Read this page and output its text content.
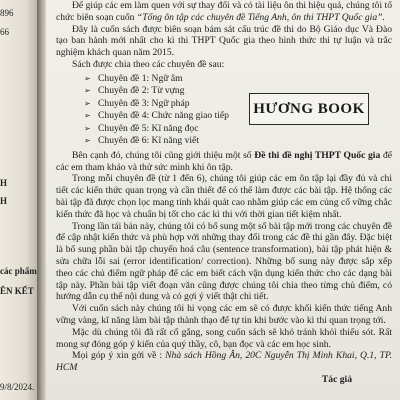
896
66
H
H
các phẩm
ÊN KẾT
9/8/2024.

Để giúp các em làm quen với sự thay đổi và có tài liệu ôn thi hiệu quả, chúng tôi tổ chức biên soạn cuốn “Tổng ôn tập các chuyên đề Tiếng Anh, ôn thi THPT Quốc gia”.

Đây là cuốn sách được biên soạn bám sát cấu trúc đề thi do Bộ Giáo dục Và Đào tạo ban hành mới nhất cho kì thi THPT Quốc gia theo hình thức thi tự luận và trắc nghiệm khách quan năm 2015.

Sách được chia theo các chuyên đề sau:

➢ Chuyên đề 1: Ngữ âm
➢ Chuyên đề 2: Từ vựng
➢ Chuyên đề 3: Ngữ pháp
➢ Chuyên đề 4: Chức năng giao tiếp
➢ Chuyên đề 5: Kĩ năng đọc
➢ Chuyên đề 6: Kĩ năng viết

Bên cạnh đó, chúng tôi cũng giới thiệu một số Đề thi đề nghị THPT Quốc gia để các em tham khảo và thử sức mình khi ôn tập.

Trong mỗi chuyên đề (từ 1 đến 6), chúng tôi giúp các em ôn tập lại đầy đủ và chi tiết các kiến thức quan trọng và cần thiết để có thể làm được các bài tập. Hệ thống các bài tập đã được chọn lọc mang tính khái quát cao nhằm giúp các em củng cố vững chắc kiến thức đã học và chuẩn bị tốt cho các kì thi với thời gian tiết kiệm nhất.

Trong lần tái bản này, chúng tôi có bổ sung một số bài tập mới trong các chuyên đề để cập nhật kiến thức và phù hợp với những thay đổi trong các đề thi gần đây. Đặc biệt là bổ sung phần bài tập chuyển hoá câu (sentence transformation), bài tập phát hiện & sửa chữa lỗi sai (error identification/ correction). Những bổ sung này được sắp xếp theo các chủ điểm ngữ pháp để các em biết cách vận dụng kiến thức cho các dạng bài tập này. Phần bài tập viết đoạn văn cũng được chúng tôi chia theo từng chủ điểm, có hướng dẫn cụ thể nội dung và có gợi ý viết thật chi tiết.

Với cuốn sách này chúng tôi hi vọng các em sẽ có được khối kiến thức tiếng Anh vững vàng, kĩ năng làm bài tập thành thạo để tự tin khi bước vào kì thi quan trọng tới.

Mặc dù chúng tôi đã rất cố gắng, song cuốn sách sẽ khó tránh khỏi thiếu sót. Rất mong sự đóng góp ý kiến của quý thầy, cô, bạn đọc và các em học sinh.

Mọi góp ý xin gởi về : Nhà sách Hồng Ân, 20C Nguyễn Thị Minh Khai, Q.1, TP. HCM

Tác giả
HƯƠNG BOOK
